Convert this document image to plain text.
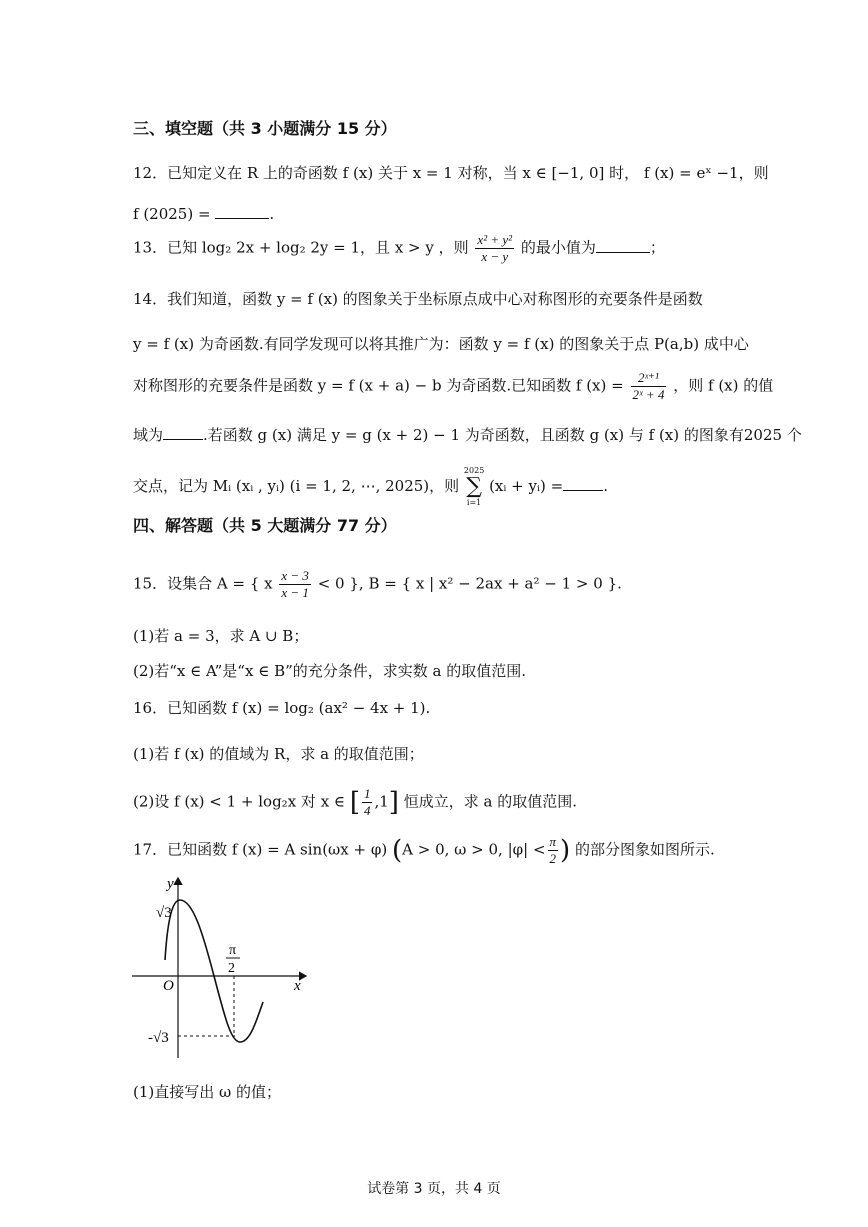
三、填空题（共 3 小题满分 15 分）
12．已知定义在 R 上的奇函数 f (x) 关于 x = 1 对称，当 x ∈ [−1, 0] 时， f (x) = eˣ −1，则
f (2025) =	.
13．已知 log₂ 2x + log₂ 2y = 1，且 x > y ，则 $\frac{\text{x² + y²}}{x - y}$ 的最小值为	；
14．我们知道，函数 y = f (x) 的图象关于坐标原点成中心对称图形的充要条件是函数
y = f (x) 为奇函数.有同学发现可以将其推广为：函数 y = f (x) 的图象关于点 P(a,b) 成中心
对称图形的充要条件是函数 y = f (x + a) − b 为奇函数.已知函数 f $(x) = \frac{\text{2ˣ⁺¹}}{\text{2ˣ + 4}}$ ，则 f (x) 的值
域为	.若函数 g (x) 满足 y = g (x + 2) − 1 为奇函数，且函数 g (x) 与 f (x) 的图象有2025 个
交点，记为 Mᵢ (xᵢ , yᵢ) (i = 1, 2, ⋯, 2025)，则
2025
∑
i=1
(xᵢ + yᵢ) =	.
四、解答题（共 5 大题满分 77 分）
15．设集合 A = { x $\frac{x - 3}{x - 1} < 0$ }, B = { x | x² − 2ax + a² − 1 > 0 }.
(1)若 a = 3，求 A ∪ B；
(2)若“x ∈ A”是“x ∈ B”的充分条件，求实数 a 的取值范围.
16．已知函数 f (x) = log₂ (ax² − 4x + 1).
(1)若 f (x) 的值域为 R，求 a 的取值范围；
(2)设 f (x) < 1 + log₂x 对 x ∈ [ $\frac{1}{4} ,1$] 恒成立，求 a 的取值范围.
17．已知函数 f (x) = A sin(ωx + φ) (A > 0, ω > 0, $|\varphi| < \frac{\pi}{2}$ ) 的部分图象如图所示.
y
x
O
√3
-√3
π
2
(1)直接写出 ω 的值；
试卷第 3 页，共 4 页
